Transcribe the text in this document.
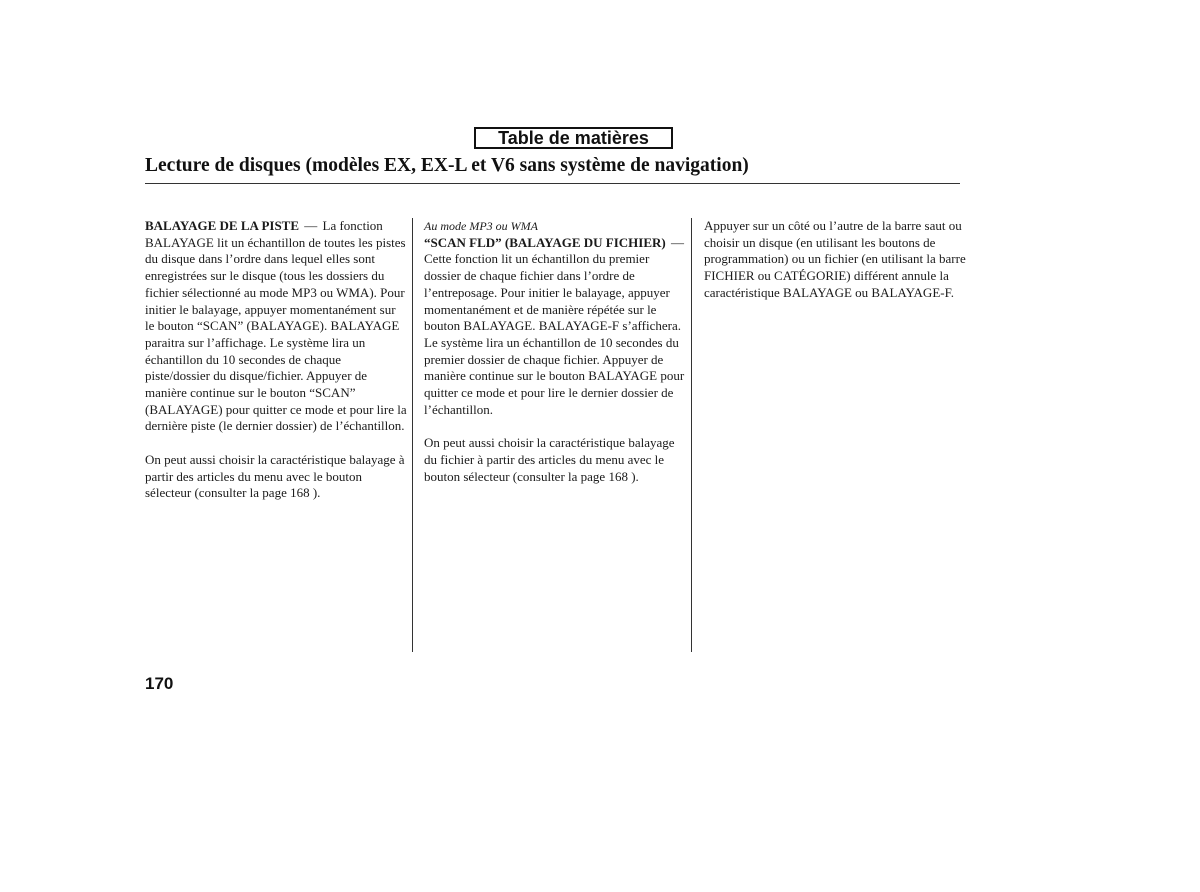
Table de matières
Lecture de disques (modèles EX, EX-L et V6 sans système de navigation)

BALAYAGE DE LA PISTE — La fonction BALAYAGE lit un échantillon de toutes les pistes du disque dans l’ordre dans lequel elles sont enregistrées sur le disque (tous les dossiers du fichier sélectionné au mode MP3 ou WMA). Pour initier le balayage, appuyer momentanément sur le bouton “SCAN” (BALAYAGE). BALAYAGE paraitra sur l’affichage. Le système lira un échantillon du 10 secondes de chaque piste/dossier du disque/fichier. Appuyer de manière continue sur le bouton “SCAN” (BALAYAGE) pour quitter ce mode et pour lire la dernière piste (le dernier dossier) de l’échantillon.

On peut aussi choisir la caractéristique balayage à partir des articles du menu avec le bouton sélecteur (consulter la page 168 ).

Au mode MP3 ou WMA

“SCAN FLD” (BALAYAGE DU FICHIER) — Cette fonction lit un échantillon du premier dossier de chaque fichier dans l’ordre de l’entreposage. Pour initier le balayage, appuyer momentanément et de manière répétée sur le bouton BALAYAGE. BALAYAGE-F s’affichera. Le système lira un échantillon de 10 secondes du premier dossier de chaque fichier. Appuyer de manière continue sur le bouton BALAYAGE pour quitter ce mode et pour lire le dernier dossier de l’échantillon.

On peut aussi choisir la caractéristique balayage du fichier à partir des articles du menu avec le bouton sélecteur (consulter la page 168 ).

Appuyer sur un côté ou l’autre de la barre saut ou choisir un disque (en utilisant les boutons de programmation) ou un fichier (en utilisant la barre FICHIER ou CATÉGORIE) différent annule la caractéristique BALAYAGE ou BALAYAGE-F.

170
